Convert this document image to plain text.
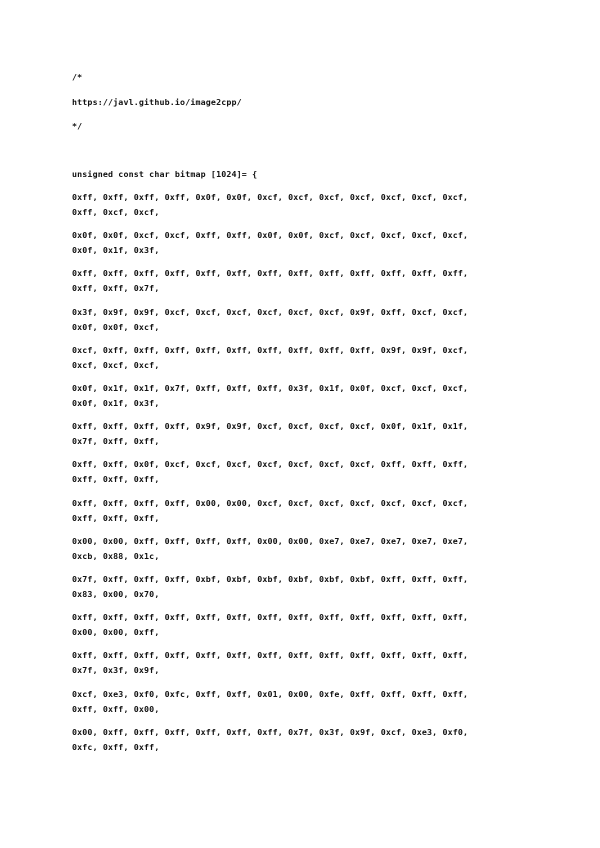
/*
https://javl.github.io/image2cpp/
*/
unsigned const char bitmap [1024]= {
0xff, 0xff, 0xff, 0xff, 0x0f, 0x0f, 0xcf, 0xcf, 0xcf, 0xcf, 0xcf, 0xcf, 0xcf,
0xff, 0xcf, 0xcf,
0x0f, 0x0f, 0xcf, 0xcf, 0xff, 0xff, 0x0f, 0x0f, 0xcf, 0xcf, 0xcf, 0xcf, 0xcf,
0x0f, 0x1f, 0x3f,
0xff, 0xff, 0xff, 0xff, 0xff, 0xff, 0xff, 0xff, 0xff, 0xff, 0xff, 0xff, 0xff,
0xff, 0xff, 0x7f,
0x3f, 0x9f, 0x9f, 0xcf, 0xcf, 0xcf, 0xcf, 0xcf, 0xcf, 0x9f, 0xff, 0xcf, 0xcf,
0x0f, 0x0f, 0xcf,
0xcf, 0xff, 0xff, 0xff, 0xff, 0xff, 0xff, 0xff, 0xff, 0xff, 0x9f, 0x9f, 0xcf,
0xcf, 0xcf, 0xcf,
0x0f, 0x1f, 0x1f, 0x7f, 0xff, 0xff, 0xff, 0x3f, 0x1f, 0x0f, 0xcf, 0xcf, 0xcf,
0x0f, 0x1f, 0x3f,
0xff, 0xff, 0xff, 0xff, 0x9f, 0x9f, 0xcf, 0xcf, 0xcf, 0xcf, 0x0f, 0x1f, 0x1f,
0x7f, 0xff, 0xff,
0xff, 0xff, 0x0f, 0xcf, 0xcf, 0xcf, 0xcf, 0xcf, 0xcf, 0xcf, 0xff, 0xff, 0xff,
0xff, 0xff, 0xff,
0xff, 0xff, 0xff, 0xff, 0x00, 0x00, 0xcf, 0xcf, 0xcf, 0xcf, 0xcf, 0xcf, 0xcf,
0xff, 0xff, 0xff,
0x00, 0x00, 0xff, 0xff, 0xff, 0xff, 0x00, 0x00, 0xe7, 0xe7, 0xe7, 0xe7, 0xe7,
0xcb, 0x88, 0x1c,
0x7f, 0xff, 0xff, 0xff, 0xbf, 0xbf, 0xbf, 0xbf, 0xbf, 0xbf, 0xff, 0xff, 0xff,
0x83, 0x00, 0x70,
0xff, 0xff, 0xff, 0xff, 0xff, 0xff, 0xff, 0xff, 0xff, 0xff, 0xff, 0xff, 0xff,
0x00, 0x00, 0xff,
0xff, 0xff, 0xff, 0xff, 0xff, 0xff, 0xff, 0xff, 0xff, 0xff, 0xff, 0xff, 0xff,
0x7f, 0x3f, 0x9f,
0xcf, 0xe3, 0xf0, 0xfc, 0xff, 0xff, 0x01, 0x00, 0xfe, 0xff, 0xff, 0xff, 0xff,
0xff, 0xff, 0x00,
0x00, 0xff, 0xff, 0xff, 0xff, 0xff, 0xff, 0x7f, 0x3f, 0x9f, 0xcf, 0xe3, 0xf0,
0xfc, 0xff, 0xff,
